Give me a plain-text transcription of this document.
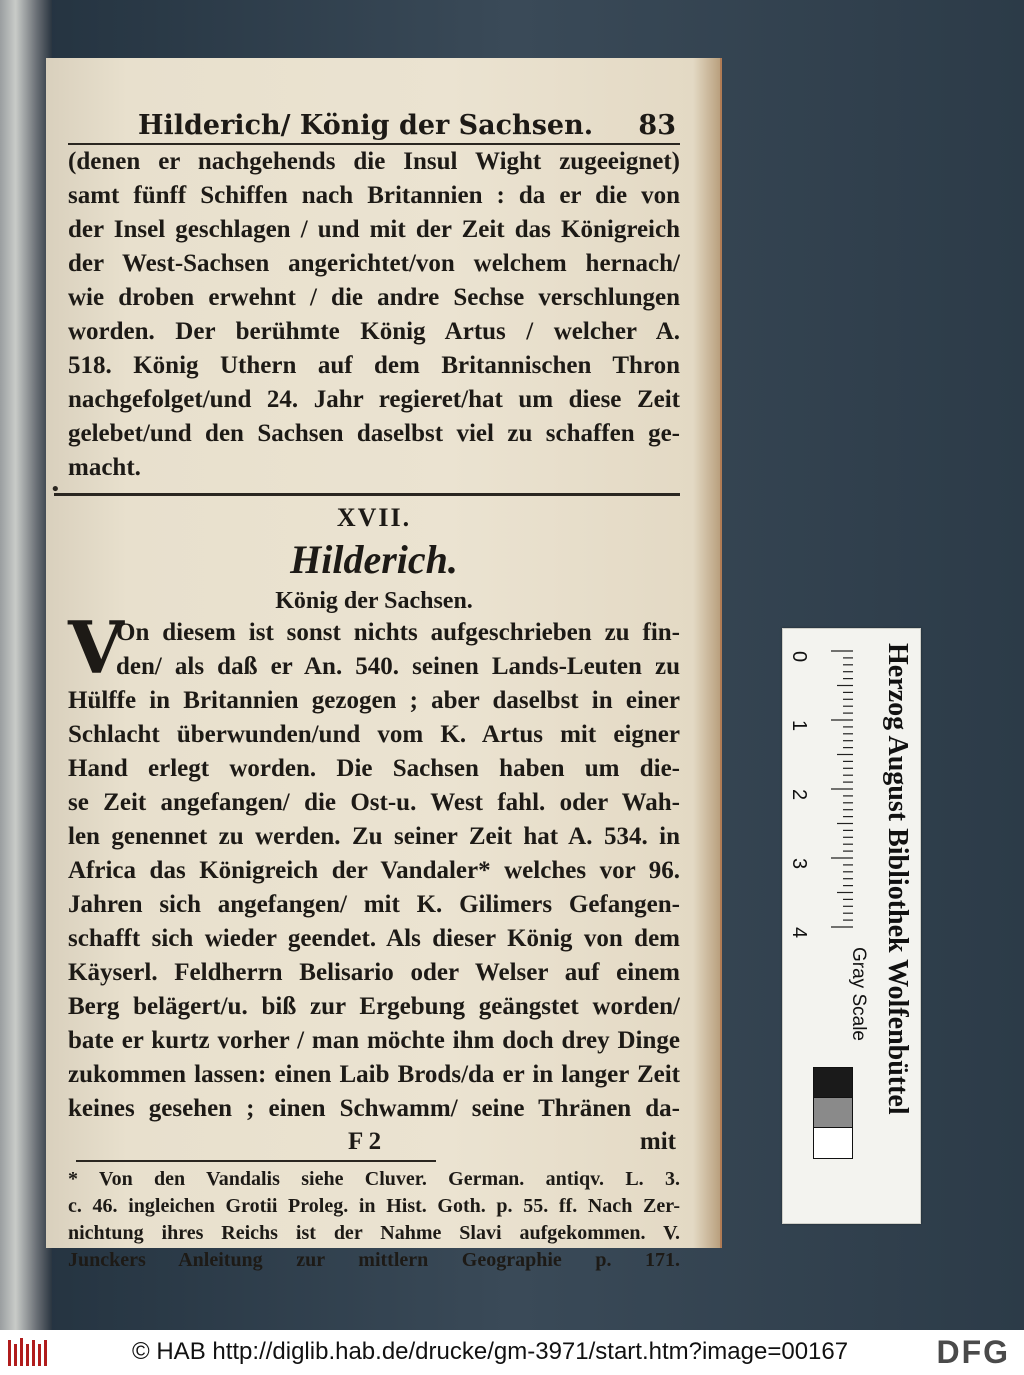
Hilderich/ König der Sachsen. 83
(denen er nachgehends die Insul Wight zugeeignet)
samt fünff Schiffen nach Britannien : da er die von
der Insel geschlagen / und mit der Zeit das Königreich
der West-Sachsen angerichtet/von welchem hernach/
wie droben erwehnt / die andre Sechse verschlungen
worden. Der berühmte König Artus / welcher A.
518. König Uthern auf dem Britannischen Thron
nachgefolget/und 24. Jahr regieret/hat um diese Zeit
gelebet/und den Sachsen daselbst viel zu schaffen ge-
macht.
•
XVII.
Hilderich.
König der Sachsen.
V
On diesem ist sonst nichts aufgeschrieben zu fin-
den/ als daß er An. 540. seinen Lands-Leuten zu
Hülffe in Britannien gezogen ; aber daselbst in einer
Schlacht überwunden/und vom K. Artus mit eigner
Hand erlegt worden. Die Sachsen haben um die-
se Zeit angefangen/ die Ost-u. West fahl. oder Wah-
len genennet zu werden. Zu seiner Zeit hat A. 534. in
Africa das Königreich der Vandaler* welches vor 96.
Jahren sich angefangen/ mit K. Gilimers Gefangen-
schafft sich wieder geendet. Als dieser König von dem
Käyserl. Feldherrn Belisario oder Welser auf einem
Berg belägert/u. biß zur Ergebung geängstet worden/
bate er kurtz vorher / man möchte ihm doch drey Dinge
zukommen lassen: einen Laib Brods/da er in langer Zeit
keines gesehen ; einen Schwamm/ seine Thränen da-
F 2	mit
* Von den Vandalis siehe Cluver. German. antiqv. L. 3.
c. 46. ingleichen Grotii Proleg. in Hist. Goth. p. 55. ff. Nach Zer-
nichtung ihres Reichs ist der Nahme Slavi aufgekommen. V.
Junckers Anleitung zur mittlern Geographie p. 171.
0
1
2
3
4	Herzog August Bibliothek Wolfenbüttel
Gray Scale
© HAB http://diglib.hab.de/drucke/gm-3971/start.htm?image=00167	DFG
